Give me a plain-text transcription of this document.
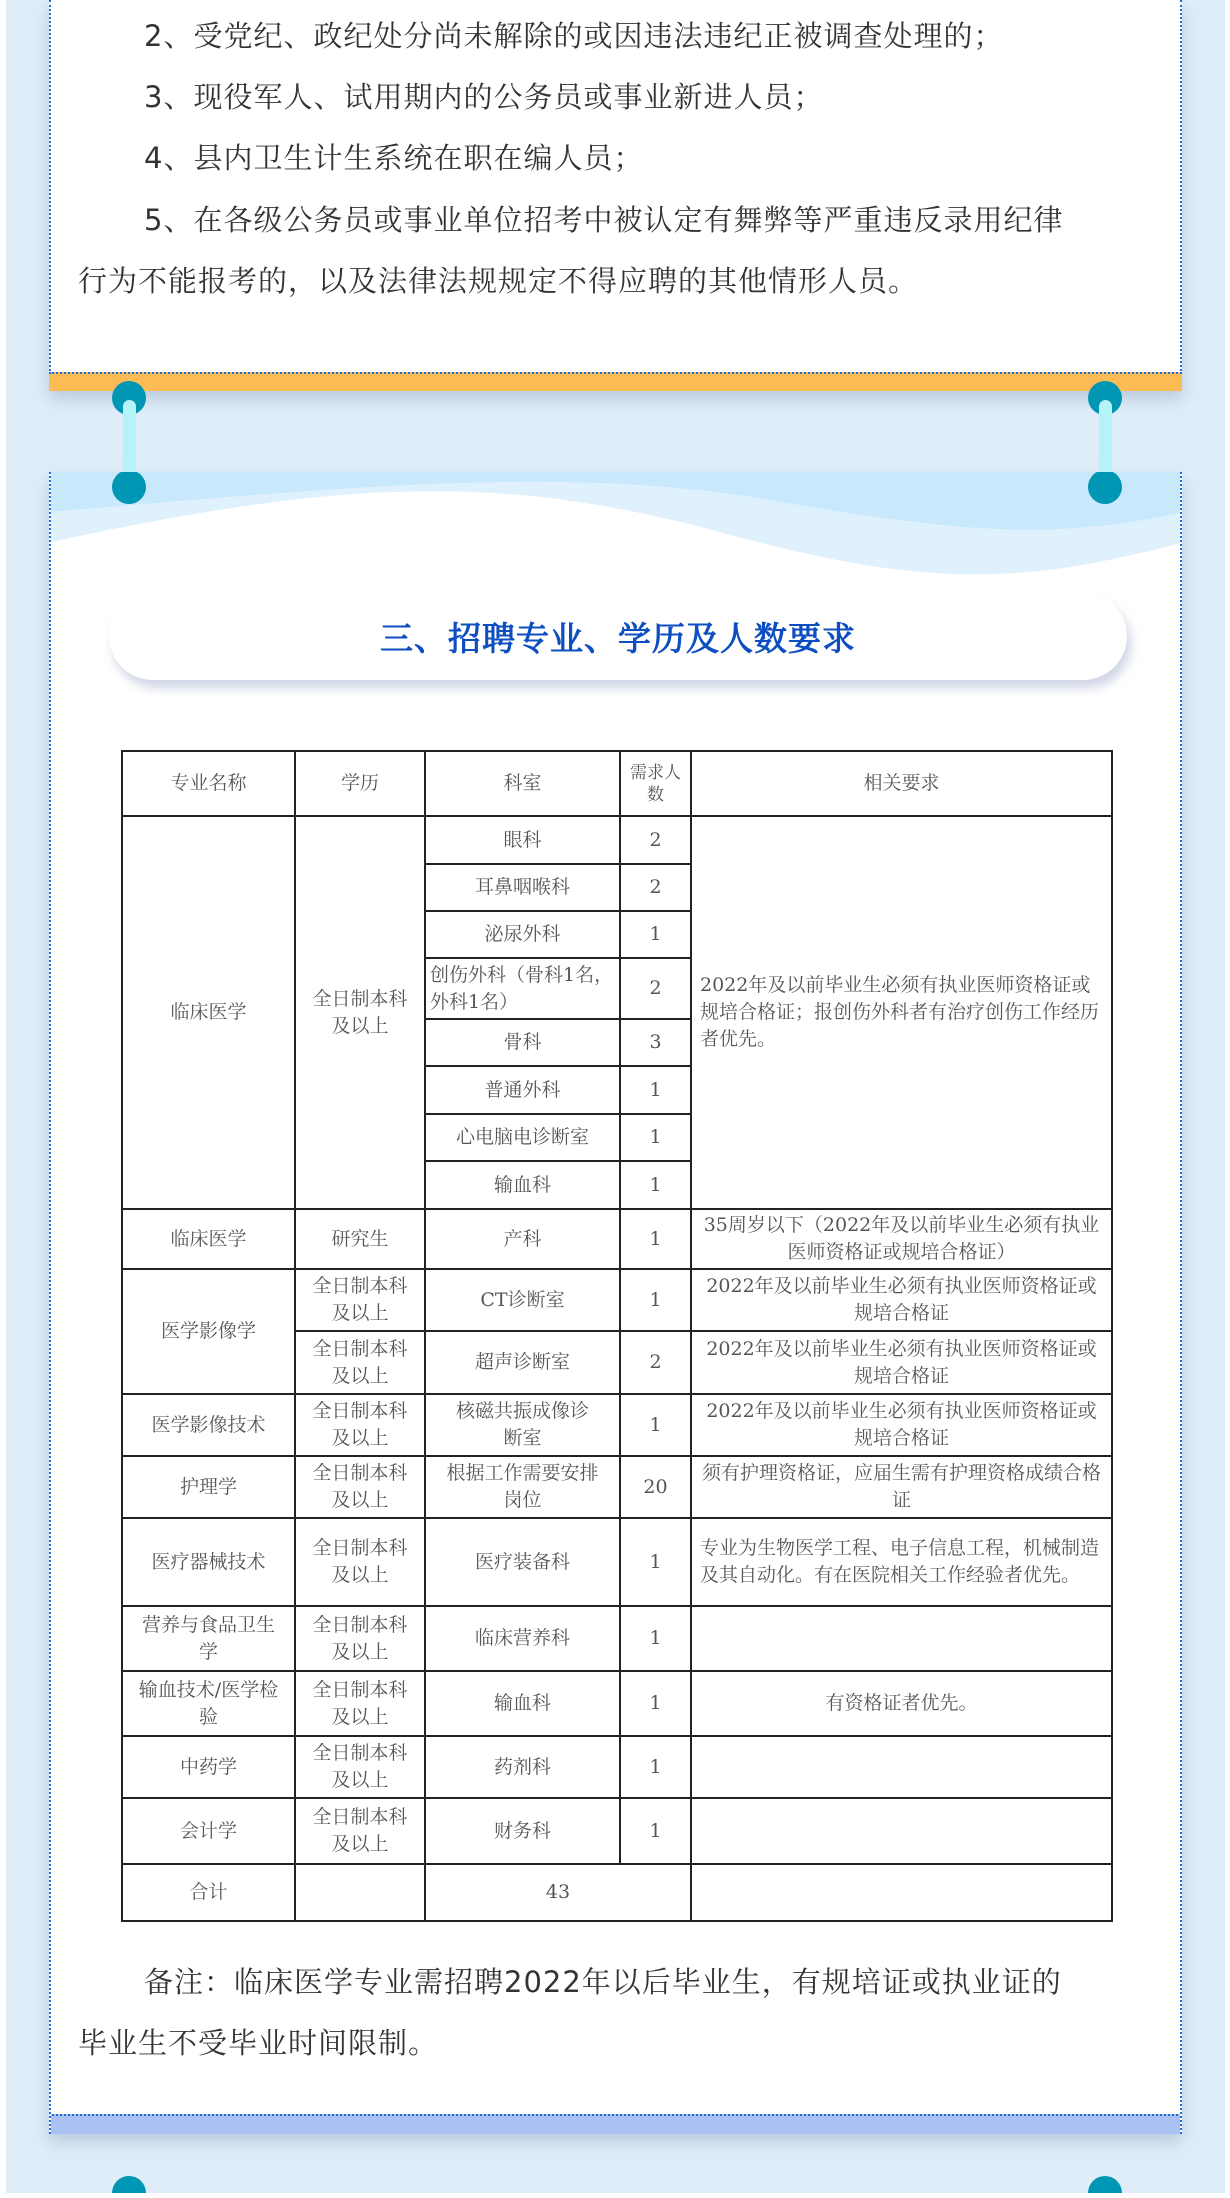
2、受党纪、政纪处分尚未解除的或因违法违纪正被调查处理的；

3、现役军人、试用期内的公务员或事业新进人员；

4、县内卫生计生系统在职在编人员；

5、在各级公务员或事业单位招考中被认定有舞弊等严重违反录用纪律

行为不能报考的，以及法律法规规定不得应聘的其他情形人员。

三、招聘专业、学历及人数要求
专业名称	学历	科室	需求人数	相关要求
临床医学	全日制本科及以上	眼科	2	2022年及以前毕业生必须有执业医师资格证或规培合格证；报创伤外科者有治疗创伤工作经历者优先。
		耳鼻咽喉科	2	
		泌尿外科	1	
		创伤外科（骨科1名，外科1名）	2	
		骨科	3	
		普通外科	1	
		心电脑电诊断室	1	
		输血科	1	
临床医学	研究生	产科	1	35周岁以下（2022年及以前毕业生必须有执业医师资格证或规培合格证）
医学影像学	全日制本科及以上	CT诊断室	1	2022年及以前毕业生必须有执业医师资格证或规培合格证
	全日制本科及以上	超声诊断室	2	2022年及以前毕业生必须有执业医师资格证或规培合格证
医学影像技术	全日制本科及以上	核磁共振成像诊断室	1	2022年及以前毕业生必须有执业医师资格证或规培合格证
护理学	全日制本科及以上	根据工作需要安排岗位	20	须有护理资格证，应届生需有护理资格成绩合格证
医疗器械技术	全日制本科及以上	医疗装备科	1	专业为生物医学工程、电子信息工程，机械制造及其自动化。有在医院相关工作经验者优先。
营养与食品卫生学	全日制本科及以上	临床营养科	1	
输血技术/医学检验	全日制本科及以上	输血科	1	有资格证者优先。
中药学	全日制本科及以上	药剂科	1	
会计学	全日制本科及以上	财务科	1	
合计		43		

备注：临床医学专业需招聘2022年以后毕业生，有规培证或执业证的

毕业生不受毕业时间限制。
